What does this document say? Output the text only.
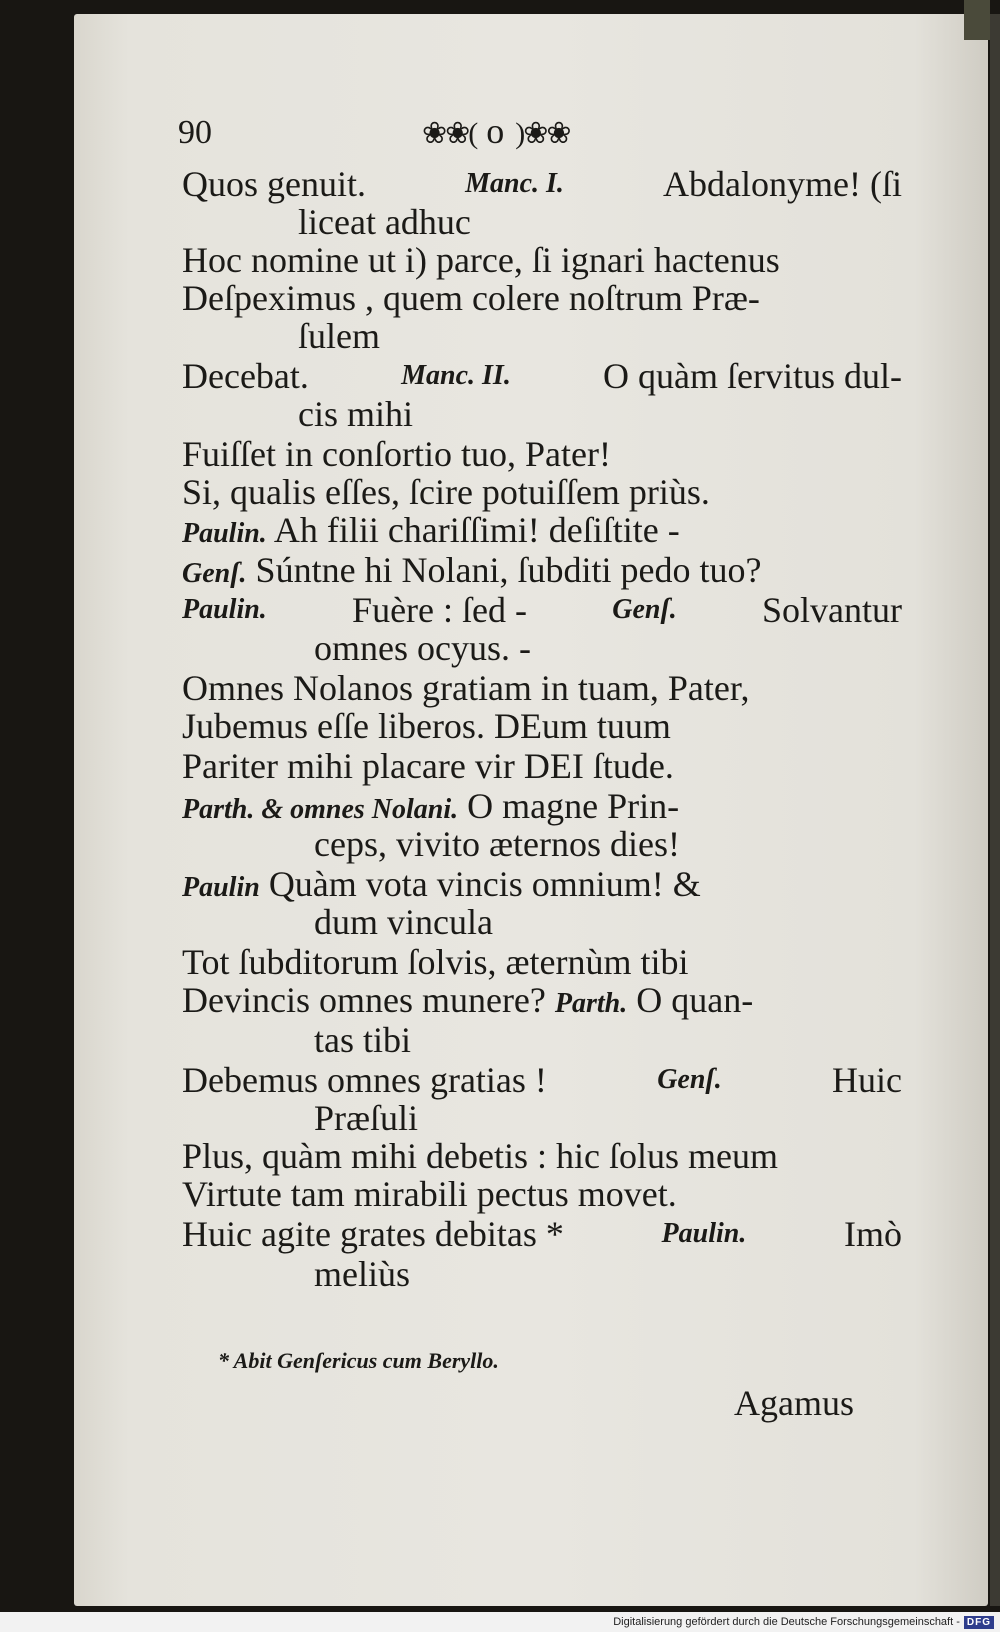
90	❀❀( o )❀❀
Quos genuit.	Manc. I.	Abdalonyme! (ſi
liceat adhuc
Hoc nomine ut i) parce, ſi ignari hactenus
Deſpeximus , quem colere noſtrum Præ-
ſulem
Decebat.	Manc. II.	O quàm ſervitus dul-
cis mihi
Fuiſſet in conſortio tuo, Pater!
Si, qualis eſſes, ſcire potuiſſem priùs.
Paulin. Ah filii chariſſimi! deſiſtite -
Genſ. Súntne hi Nolani, ſubditi pedo tuo?
Paulin. Fuère : ſed -	Genſ. Solvantur
omnes ocyus. -
Omnes Nolanos gratiam in tuam, Pater,
Jubemus eſſe liberos. DEum tuum
Pariter mihi placare vir DEI ſtude.
Parth. & omnes Nolani. O magne Prin-
ceps, vivito æternos dies!
Paulin Quàm vota vincis omnium! &
dum vincula
Tot ſubditorum ſolvis, æternùm tibi
Devincis omnes munere? Parth. O quan-
tas tibi
Debemus omnes gratias !	Genſ.	Huic
Præſuli
Plus, quàm mihi debetis : hic ſolus meum
Virtute tam mirabili pectus movet.
Huic agite grates debitas *	Paulin.	Imò
meliùs
* Abit Genſericus cum Beryllo.
Agamus
Digitalisierung gefördert durch die Deutsche Forschungsgemeinschaft - DFG
